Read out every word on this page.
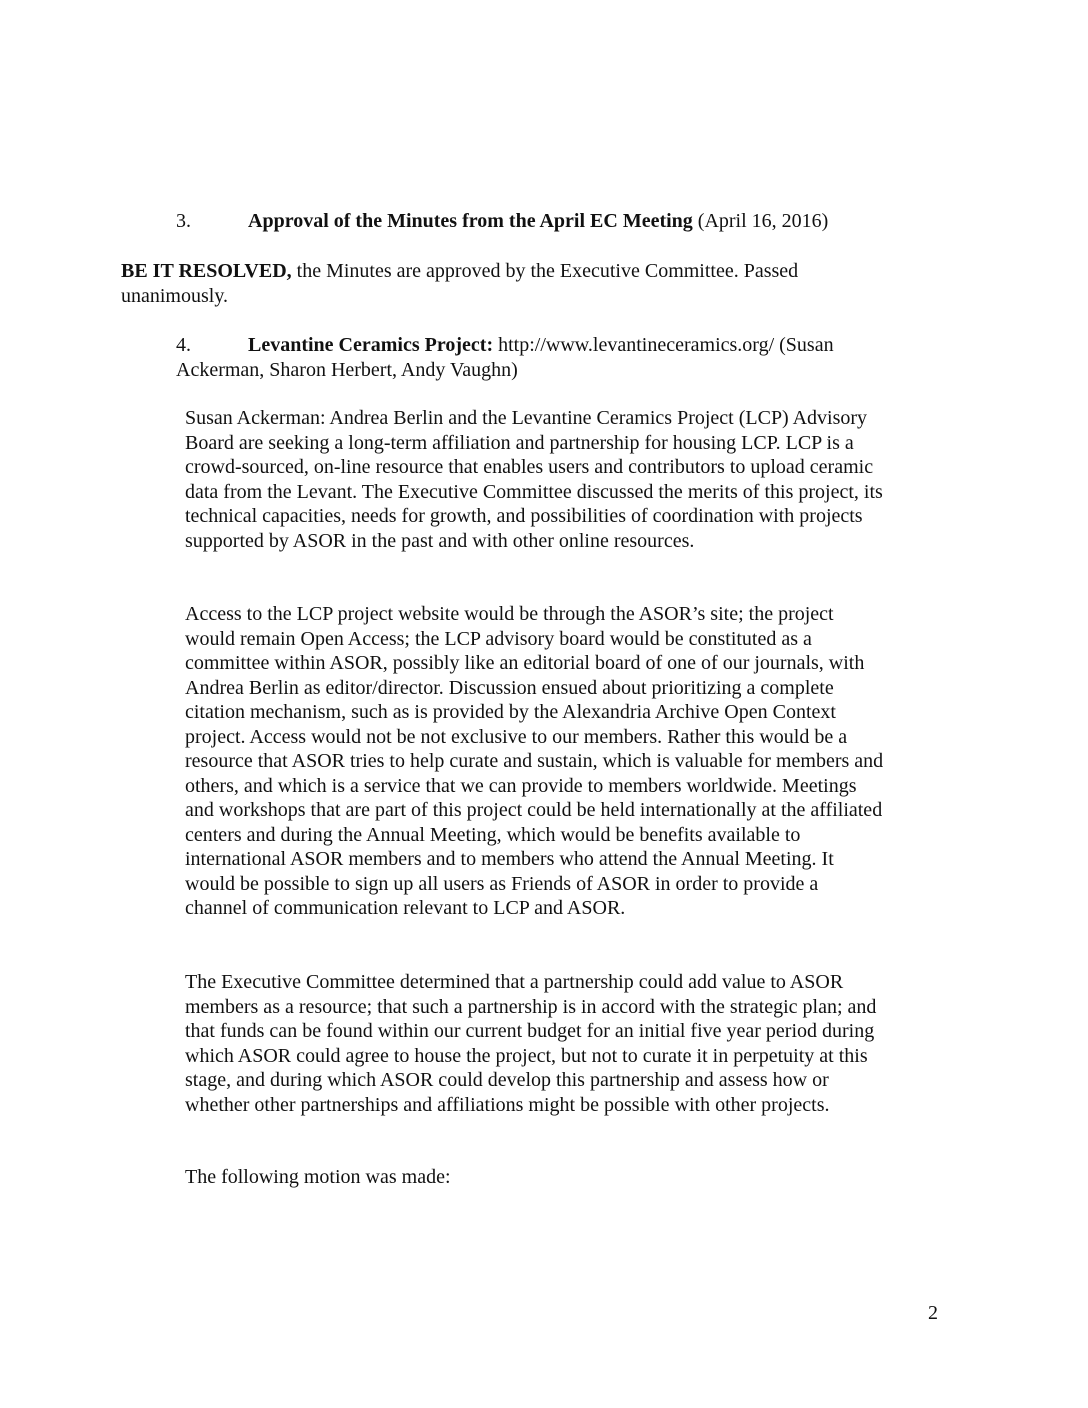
3.	Approval of the Minutes from the April EC Meeting (April 16, 2016)
BE IT RESOLVED, the Minutes are approved by the Executive Committee. Passed unanimously.
4.	Levantine Ceramics Project: http://www.levantineceramics.org/ (Susan Ackerman, Sharon Herbert, Andy Vaughn)
Susan Ackerman: Andrea Berlin and the Levantine Ceramics Project (LCP) Advisory Board are seeking a long-term affiliation and partnership for housing LCP. LCP is a crowd-sourced, on-line resource that enables users and contributors to upload ceramic data from the Levant. The Executive Committee discussed the merits of this project, its technical capacities, needs for growth, and possibilities of coordination with projects supported by ASOR in the past and with other online resources.
Access to the LCP project website would be through the ASOR’s site; the project would remain Open Access; the LCP advisory board would be constituted as a committee within ASOR, possibly like an editorial board of one of our journals, with Andrea Berlin as editor/director. Discussion ensued about prioritizing a complete citation mechanism, such as is provided by the Alexandria Archive Open Context project. Access would not be not exclusive to our members. Rather this would be a resource that ASOR tries to help curate and sustain, which is valuable for members and others, and which is a service that we can provide to members worldwide. Meetings and workshops that are part of this project could be held internationally at the affiliated centers and during the Annual Meeting, which would be benefits available to international ASOR members and to members who attend the Annual Meeting. It would be possible to sign up all users as Friends of ASOR in order to provide a channel of communication relevant to LCP and ASOR.
The Executive Committee determined that a partnership could add value to ASOR members as a resource; that such a partnership is in accord with the strategic plan; and that funds can be found within our current budget for an initial five year period during which ASOR could agree to house the project, but not to curate it in perpetuity at this stage, and during which ASOR could develop this partnership and assess how or whether other partnerships and affiliations might be possible with other projects.
The following motion was made:
2
